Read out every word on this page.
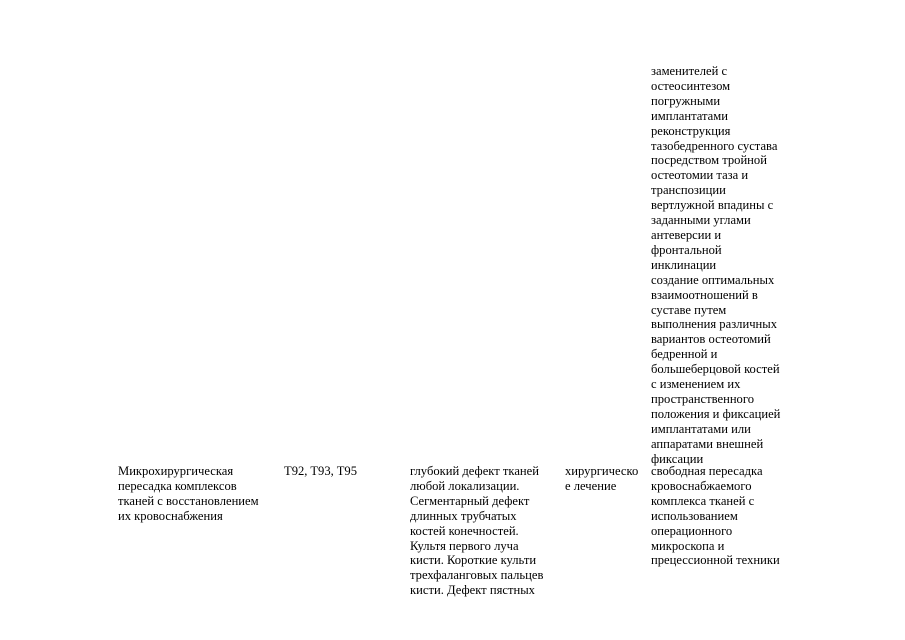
заменителей с
остеосинтезом
погружными
имплантатами
реконструкция
тазобедренного сустава
посредством тройной
остеотомии таза и
транспозиции
вертлужной впадины с
заданными углами
антеверсии и
фронтальной
инклинации
создание оптимальных
взаимоотношений в
суставе путем
выполнения различных
вариантов остеотомий
бедренной и
большеберцовой костей
с изменением их
пространственного
положения и фиксацией
имплантатами или
аппаратами внешней
фиксации
Микрохирургическая
пересадка комплексов
тканей с восстановлением
их кровоснабжения
T92, T93, T95	глубокий дефект тканей
любой локализации.
Сегментарный дефект
длинных трубчатых
костей конечностей.
Культя первого луча
кисти. Короткие культи
трехфаланговых пальцев
кисти. Дефект пястных
хирургическо
е лечение
свободная пересадка
кровоснабжаемого
комплекса тканей с
использованием
операционного
микроскопа и
прецессионной техники
